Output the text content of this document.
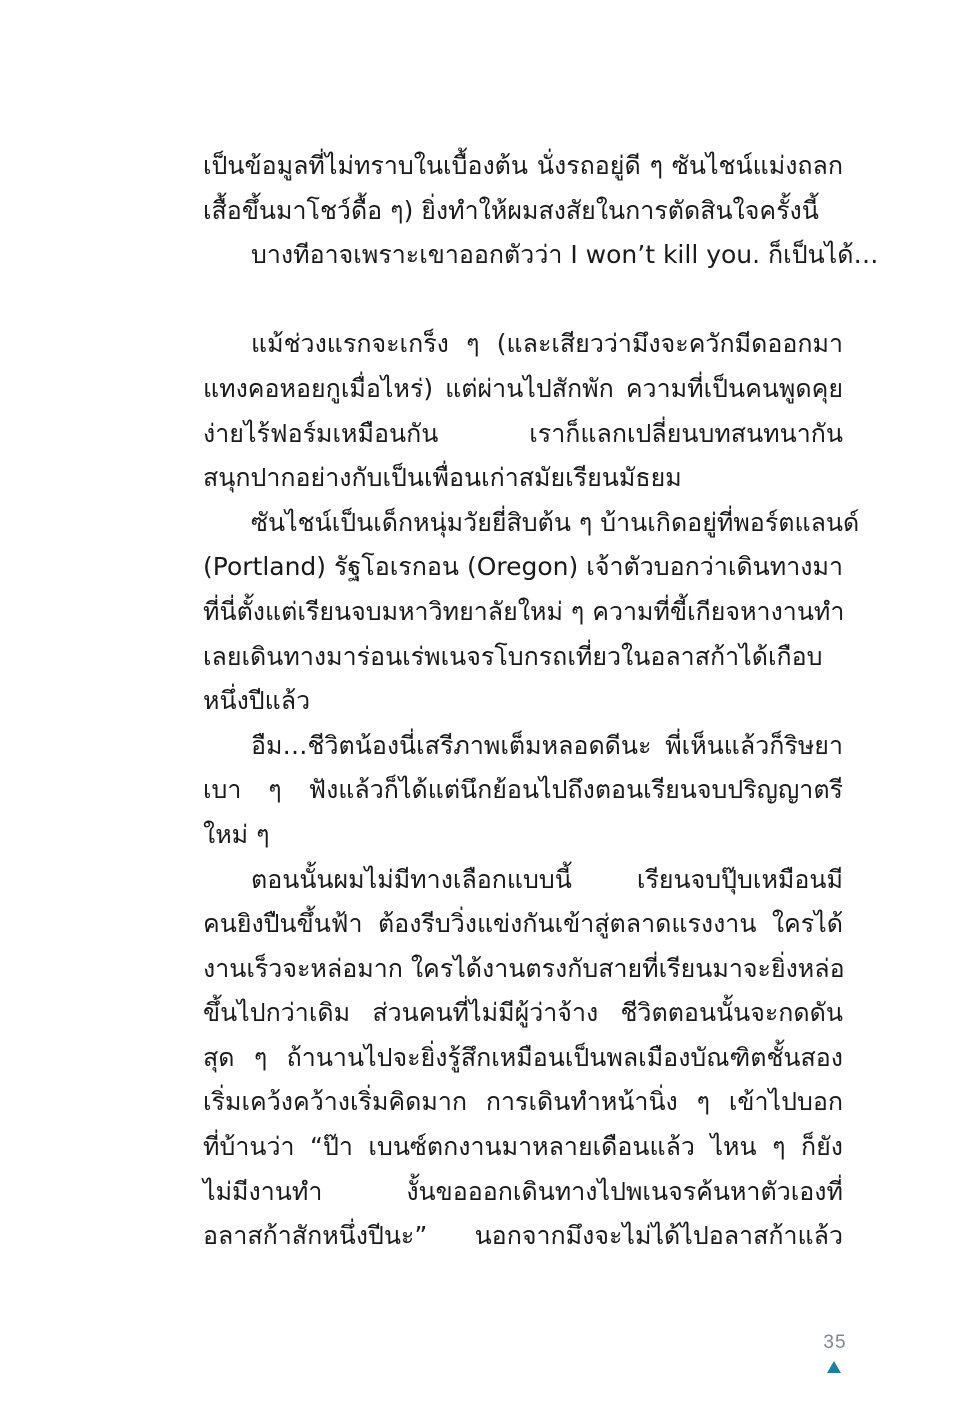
เป็นข้อมูลที่ไม่ทราบในเบื้องต้น นั่งรถอยู่ดี ๆ ซันไชน์แม่งถลก
เสื้อขึ้นมาโชว์ดื้อ ๆ) ยิ่งทำให้ผมสงสัยในการตัดสินใจครั้งนี้
บางทีอาจเพราะเขาออกตัวว่า I won’t kill you. ก็เป็นได้…
แม้ช่วงแรกจะเกร็ง ๆ (และเสียวว่ามึงจะควักมีดออกมา
แทงคอหอยกูเมื่อไหร่) แต่ผ่านไปสักพัก ความที่เป็นคนพูดคุย
ง่ายไร้ฟอร์มเหมือนกัน เราก็แลกเปลี่ยนบทสนทนากัน
สนุกปากอย่างกับเป็นเพื่อนเก่าสมัยเรียนมัธยม
ซันไชน์เป็นเด็กหนุ่มวัยยี่สิบต้น ๆ บ้านเกิดอยู่ที่พอร์ตแลนด์
(Portland) รัฐโอเรกอน (Oregon) เจ้าตัวบอกว่าเดินทางมา
ที่นี่ตั้งแต่เรียนจบมหาวิทยาลัยใหม่ ๆ ความที่ขี้เกียจหางานทำ
เลยเดินทางมาร่อนเร่พเนจรโบกรถเที่ยวในอลาสก้าได้เกือบ
หนึ่งปีแล้ว
อืม…ชีวิตน้องนี่เสรีภาพเต็มหลอดดีนะ พี่เห็นแล้วก็ริษยา
เบา ๆ ฟังแล้วก็ได้แต่นึกย้อนไปถึงตอนเรียนจบปริญญาตรี
ใหม่ ๆ
ตอนนั้นผมไม่มีทางเลือกแบบนี้ เรียนจบปุ๊บเหมือนมี
คนยิงปืนขึ้นฟ้า ต้องรีบวิ่งแข่งกันเข้าสู่ตลาดแรงงาน ใครได้
งานเร็วจะหล่อมาก ใครได้งานตรงกับสายที่เรียนมาจะยิ่งหล่อ
ขึ้นไปกว่าเดิม ส่วนคนที่ไม่มีผู้ว่าจ้าง ชีวิตตอนนั้นจะกดดัน
สุด ๆ ถ้านานไปจะยิ่งรู้สึกเหมือนเป็นพลเมืองบัณฑิตชั้นสอง
เริ่มเคว้งคว้างเริ่มคิดมาก การเดินทำหน้านิ่ง ๆ เข้าไปบอก
ที่บ้านว่า “ป๊า เบนซ์ตกงานมาหลายเดือนแล้ว ไหน ๆ ก็ยัง
ไม่มีงานทำ งั้นขอออกเดินทางไปพเนจรค้นหาตัวเองที่
อลาสก้าสักหนึ่งปีนะ” นอกจากมึงจะไม่ได้ไปอลาสก้าแล้ว
35
